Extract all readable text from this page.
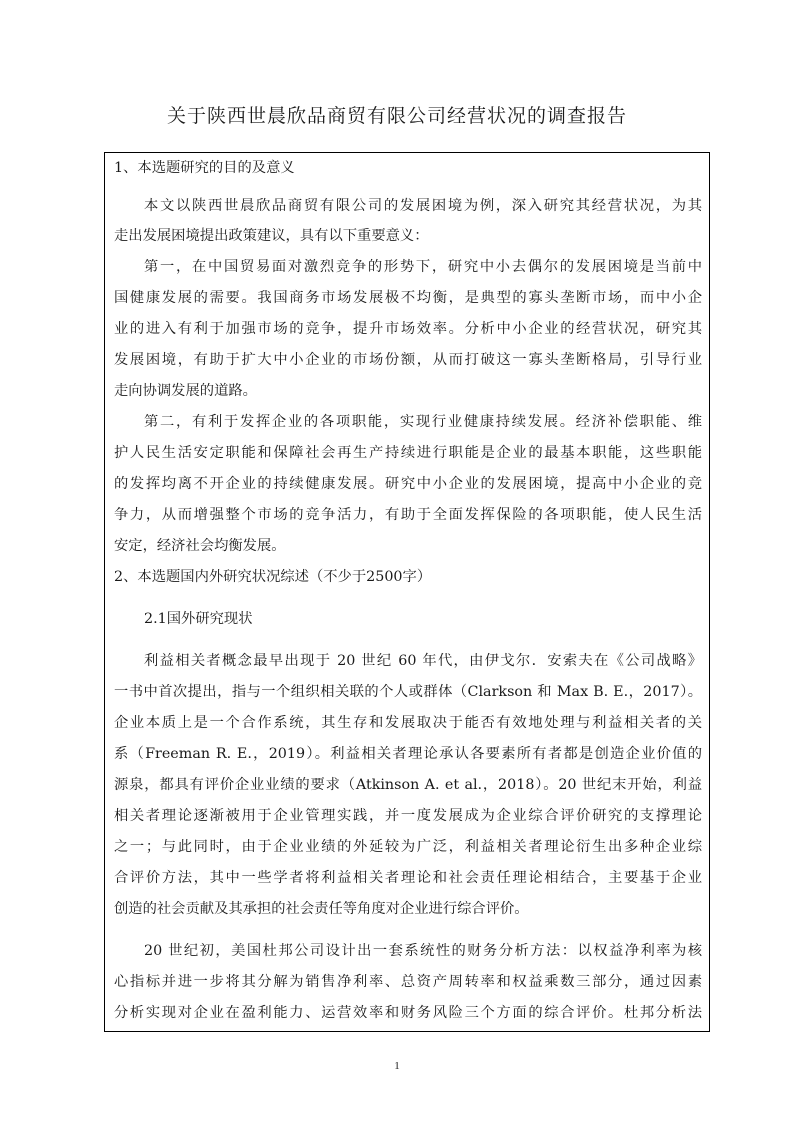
关于陕西世晨欣品商贸有限公司经营状况的调查报告
1、本选题研究的目的及意义
本文以陕西世晨欣品商贸有限公司的发展困境为例，深入研究其经营状况，为其
走出发展困境提出政策建议，具有以下重要意义：
第一，在中国贸易面对激烈竞争的形势下，研究中小去偶尔的发展困境是当前中
国健康发展的需要。我国商务市场发展极不均衡，是典型的寡头垄断市场，而中小企
业的进入有利于加强市场的竞争，提升市场效率。分析中小企业的经营状况，研究其
发展困境，有助于扩大中小企业的市场份额，从而打破这一寡头垄断格局，引导行业
走向协调发展的道路。
第二，有利于发挥企业的各项职能，实现行业健康持续发展。经济补偿职能、维
护人民生活安定职能和保障社会再生产持续进行职能是企业的最基本职能，这些职能
的发挥均离不开企业的持续健康发展。研究中小企业的发展困境，提高中小企业的竞
争力，从而增强整个市场的竞争活力，有助于全面发挥保险的各项职能，使人民生活
安定，经济社会均衡发展。
2、本选题国内外研究状况综述（不少于2500字）
2.1国外研究现状
利益相关者概念最早出现于 20 世纪 60 年代，由伊戈尔．安索夫在《公司战略》
一书中首次提出，指与一个组织相关联的个人或群体（Clarkson 和 Max B. E.，2017）。
企业本质上是一个合作系统，其生存和发展取决于能否有效地处理与利益相关者的关
系（Freeman R. E.，2019）。利益相关者理论承认各要素所有者都是创造企业价值的
源泉，都具有评价企业业绩的要求（Atkinson A. et al.，2018）。20 世纪末开始，利益
相关者理论逐渐被用于企业管理实践，并一度发展成为企业综合评价研究的支撑理论
之一；与此同时，由于企业业绩的外延较为广泛，利益相关者理论衍生出多种企业综
合评价方法，其中一些学者将利益相关者理论和社会责任理论相结合，主要基于企业
创造的社会贡献及其承担的社会责任等角度对企业进行综合评价。
20 世纪初，美国杜邦公司设计出一套系统性的财务分析方法：以权益净利率为核
心指标并进一步将其分解为销售净利率、总资产周转率和权益乘数三部分，通过因素
分析实现对企业在盈利能力、运营效率和财务风险三个方面的综合评价。杜邦分析法
1
